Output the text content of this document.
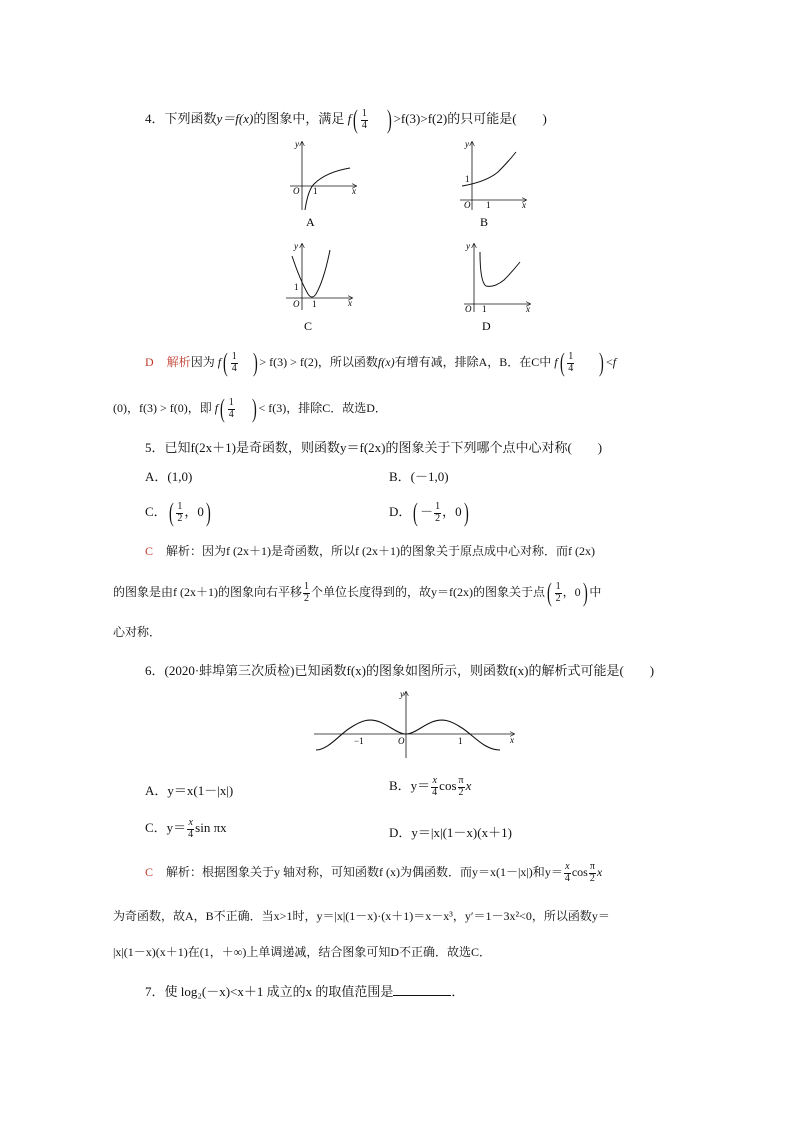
4．下列函数y＝f(x)的图象中，满足 $f( \frac{1}{4}$ ) >f(3)>f(2)的只可能是(　　)
y
x
O 1
A
y
x
O 1
1
B
y
x
O 1
1
C
y
x
O 1
D
D 解析因为 $f( \frac{1}{4}$ ) > f(3) > f(2)，所以函数f(x)有增有减，排除A，B．在C中 $f( \frac{1}{4}$ ) <f
(0)，f(3) > f(0)，即 $f( \frac{1}{4}$ ) < f(3)，排除C．故选D．
5．已知f(2x＋1)是奇函数，则函数y＝f(2x)的图象关于下列哪个点中心对称(　　)
A．(1,0)	B．(－1,0)
C．( $\frac{1}{2}$ ，0)	D．( － $\frac{1}{2}$ ，0)
C 解析：因为f (2x＋1)是奇函数，所以f (2x＋1)的图象关于原点成中心对称．而f (2x)
的图象是由f (2x＋1)的图象向右平移 $\frac{1}{2}$ 个单位长度得到的，故y＝f(2x)的图象关于点( $\frac{1}{2}$ ，0) 中
心对称．
6．(2020·蚌埠第三次质检)已知函数f(x)的图象如图所示，则函数f(x)的解析式可能是(　　)
y
x
O
−1	1
A．y＝x(1－|x|)	B．$y= \frac{x}{4}$ $\cos \frac{\pi}{2}$ x
C．$y= \frac{x}{4}$ sin πx	D．y＝|x|(1－x)(x＋1)
C 解析：根据图象关于y 轴对称，可知函数f (x)为偶函数．而y＝x(1－|x|)和$y= \frac{x}{4}$ $\cos \frac{\pi}{2}$ x
为奇函数，故A，B不正确．当x>1时，y＝|x|(1－x)·(x＋1)＝x－x³，y′＝1－3x²<0，所以函数y＝
|x|(1－x)(x＋1)在(1，＋∞)上单调递减，结合图象可知D不正确．故选C．
7．使 log₂(－x)<x＋1 成立的x 的取值范围是	．
